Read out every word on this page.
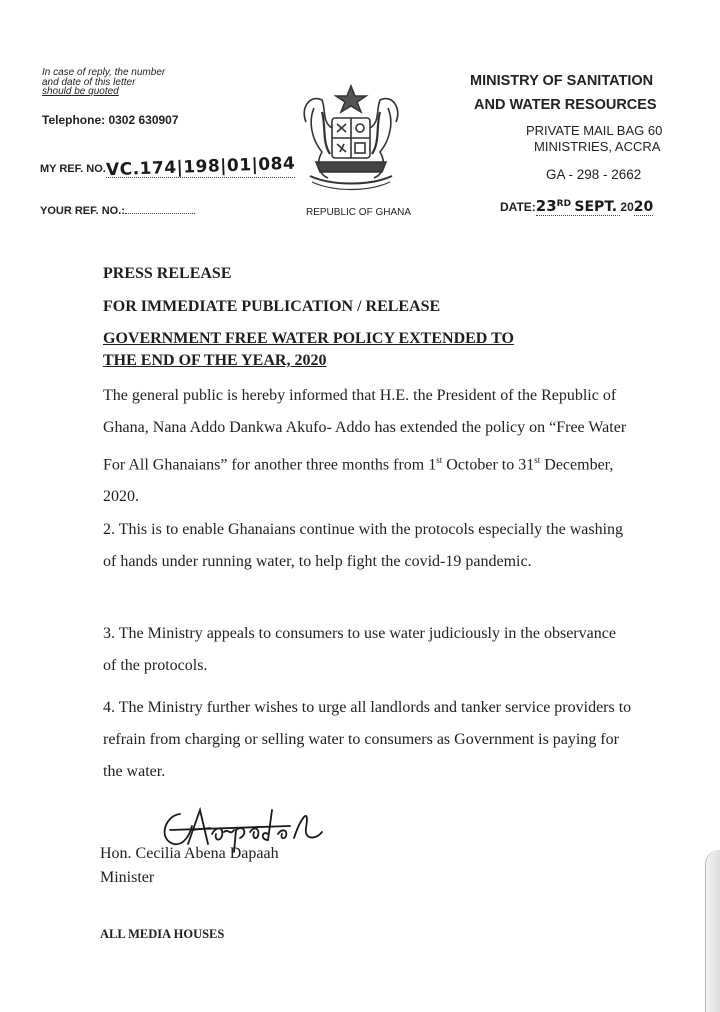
In case of reply, the number
and date of this letter
should be quoted
Telephone: 0302 630907
MY REF. NO.VC.174|198|01|084
YOUR REF. NO.:	REPUBLIC OF GHANA
MINISTRY OF SANITATION
AND WATER RESOURCES
PRIVATE MAIL BAG 60
MINISTRIES, ACCRA
GA - 298 - 2662
DATE:23RD SEPT. 2020
PRESS RELEASE
FOR IMMEDIATE PUBLICATION / RELEASE
GOVERNMENT FREE WATER POLICY EXTENDED TO
THE END OF THE YEAR, 2020
The general public is hereby informed that H.E. the President of the Republic of Ghana, Nana Addo Dankwa Akufo- Addo has extended the policy on “Free Water For All Ghanaians” for another three months from 1st October to 31st December, 2020.
2. This is to enable Ghanaians continue with the protocols especially the washing of hands under running water, to help fight the covid-19 pandemic.
3. The Ministry appeals to consumers to use water judiciously in the observance of the protocols.
4. The Ministry further wishes to urge all landlords and tanker service providers to refrain from charging or selling water to consumers as Government is paying for the water.
Hon. Cecilia Abena Dapaah
Minister
ALL MEDIA HOUSES
